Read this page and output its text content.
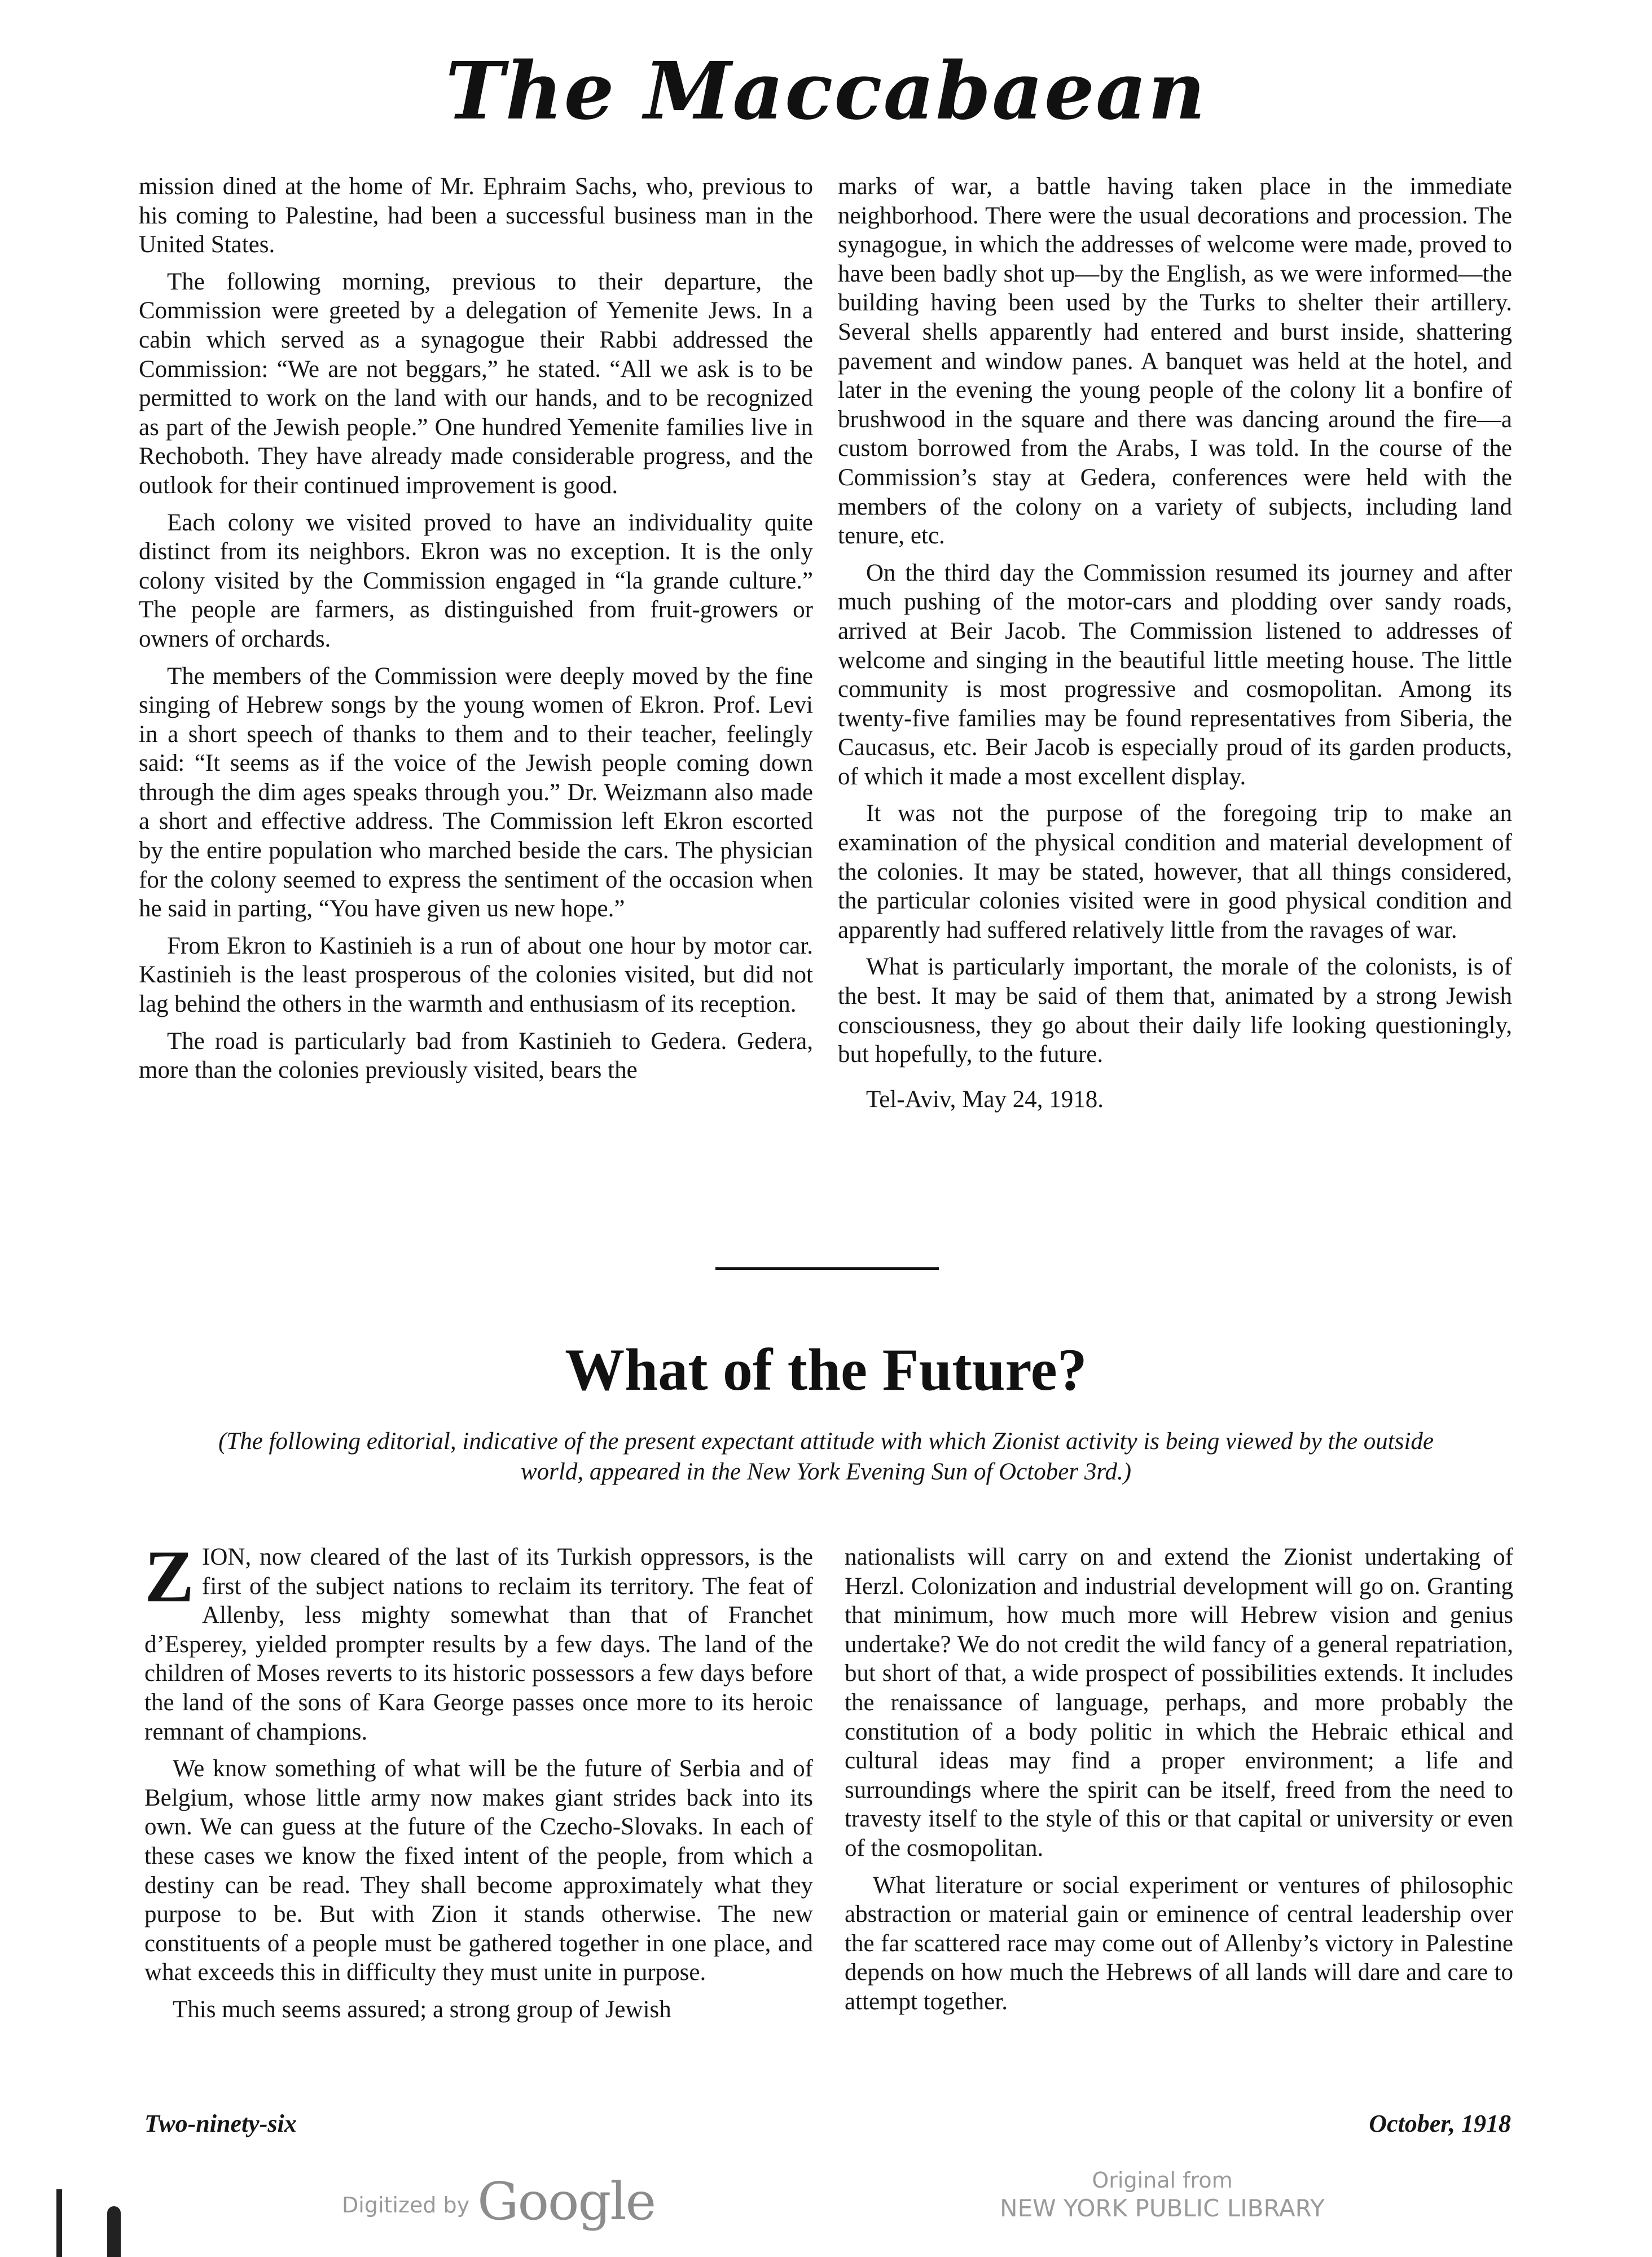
The Maccabaean

mission dined at the home of Mr. Ephraim Sachs, who, previous to his coming to Palestine, had been a successful business man in the United States.

The following morning, previous to their departure, the Commission were greeted by a delegation of Yemenite Jews. In a cabin which served as a synagogue their Rabbi addressed the Commission: “We are not beggars,” he stated. “All we ask is to be permitted to work on the land with our hands, and to be recognized as part of the Jewish people.” One hundred Yemenite families live in Rechoboth. They have already made considerable progress, and the outlook for their continued improvement is good.

Each colony we visited proved to have an individuality quite distinct from its neighbors. Ekron was no exception. It is the only colony visited by the Commission engaged in “la grande culture.” The people are farmers, as distinguished from fruit-growers or owners of orchards.

The members of the Commission were deeply moved by the fine singing of Hebrew songs by the young women of Ekron. Prof. Levi in a short speech of thanks to them and to their teacher, feelingly said: “It seems as if the voice of the Jewish people coming down through the dim ages speaks through you.” Dr. Weizmann also made a short and effective address. The Commission left Ekron escorted by the entire population who marched beside the cars. The physician for the colony seemed to express the sentiment of the occasion when he said in parting, “You have given us new hope.”

From Ekron to Kastinieh is a run of about one hour by motor car. Kastinieh is the least prosperous of the colonies visited, but did not lag behind the others in the warmth and enthusiasm of its reception.

The road is particularly bad from Kastinieh to Gedera. Gedera, more than the colonies previously visited, bears the

marks of war, a battle having taken place in the immediate neighborhood. There were the usual decorations and procession. The synagogue, in which the addresses of welcome were made, proved to have been badly shot up—by the English, as we were informed—the building having been used by the Turks to shelter their artillery. Several shells apparently had entered and burst inside, shattering pavement and window panes. A banquet was held at the hotel, and later in the evening the young people of the colony lit a bonfire of brushwood in the square and there was dancing around the fire—a custom borrowed from the Arabs, I was told. In the course of the Commission’s stay at Gedera, conferences were held with the members of the colony on a variety of subjects, including land tenure, etc.

On the third day the Commission resumed its journey and after much pushing of the motor-cars and plodding over sandy roads, arrived at Beir Jacob. The Commission listened to addresses of welcome and singing in the beautiful little meeting house. The little community is most progressive and cosmopolitan. Among its twenty-five families may be found representatives from Siberia, the Caucasus, etc. Beir Jacob is especially proud of its garden products, of which it made a most excellent display.

It was not the purpose of the foregoing trip to make an examination of the physical condition and material development of the colonies. It may be stated, however, that all things considered, the particular colonies visited were in good physical condition and apparently had suffered relatively little from the ravages of war.

What is particularly important, the morale of the colonists, is of the best. It may be said of them that, animated by a strong Jewish consciousness, they go about their daily life looking questioningly, but hopefully, to the future.

Tel-Aviv, May 24, 1918.

What of the Future?
(The following editorial, indicative of the present expectant attitude with which Zionist activity is being viewed by the outside world, appeared in the New York Evening Sun of October 3rd.)

ZION, now cleared of the last of its Turkish oppressors, is the first of the subject nations to reclaim its territory. The feat of Allenby, less mighty somewhat than that of Franchet d’Esperey, yielded prompter results by a few days. The land of the children of Moses reverts to its historic possessors a few days before the land of the sons of Kara George passes once more to its heroic remnant of champions.

We know something of what will be the future of Serbia and of Belgium, whose little army now makes giant strides back into its own. We can guess at the future of the Czecho-Slovaks. In each of these cases we know the fixed intent of the people, from which a destiny can be read. They shall become approximately what they purpose to be. But with Zion it stands otherwise. The new constituents of a people must be gathered together in one place, and what exceeds this in difficulty they must unite in purpose.

This much seems assured; a strong group of Jewish

nationalists will carry on and extend the Zionist undertaking of Herzl. Colonization and industrial development will go on. Granting that minimum, how much more will Hebrew vision and genius undertake? We do not credit the wild fancy of a general repatriation, but short of that, a wide prospect of possibilities extends. It includes the renaissance of language, perhaps, and more probably the constitution of a body politic in which the Hebraic ethical and cultural ideas may find a proper environment; a life and surroundings where the spirit can be itself, freed from the need to travesty itself to the style of this or that capital or university or even of the cosmopolitan.

What literature or social experiment or ventures of philosophic abstraction or material gain or eminence of central leadership over the far scattered race may come out of Allenby’s victory in Palestine depends on how much the Hebrews of all lands will dare and care to attempt together.

Two-ninety-six	October, 1918
Digitized by Google	Original from
NEW YORK PUBLIC LIBRARY
